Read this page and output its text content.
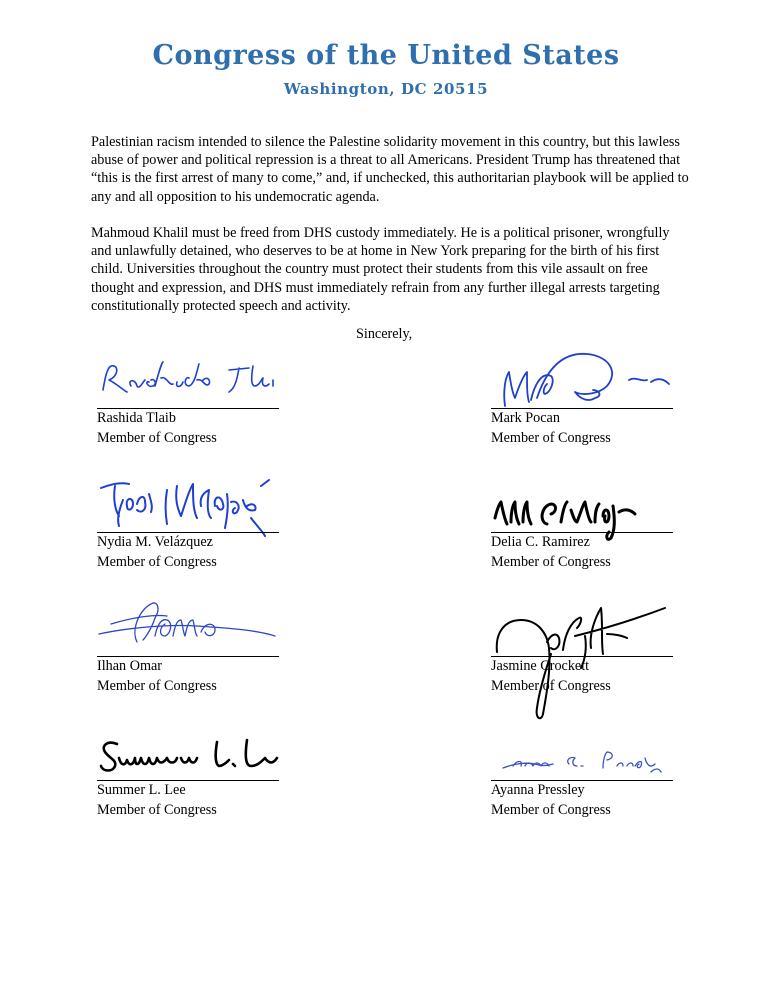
Congress of the United States
Washington, DC 20515

Palestinian racism intended to silence the Palestine solidarity movement in this country, but this lawless abuse of power and political repression is a threat to all Americans. President Trump has threatened that “this is the first arrest of many to come,” and, if unchecked, this authoritarian playbook will be applied to any and all opposition to his undemocratic agenda.

Mahmoud Khalil must be freed from DHS custody immediately. He is a political prisoner, wrongfully and unlawfully detained, who deserves to be at home in New York preparing for the birth of his first child. Universities throughout the country must protect their students from this vile assault on free thought and expression, and DHS must immediately refrain from any further illegal arrests targeting constitutionally protected speech and activity.

Sincerely,
Rashida Tlaib
Member of Congress
Mark Pocan
Member of Congress
Nydia M. Velázquez
Member of Congress
Delia C. Ramirez
Member of Congress
Ilhan Omar
Member of Congress
Jasmine Crockett
Member of Congress
Summer L. Lee
Member of Congress
Ayanna Pressley
Member of Congress
